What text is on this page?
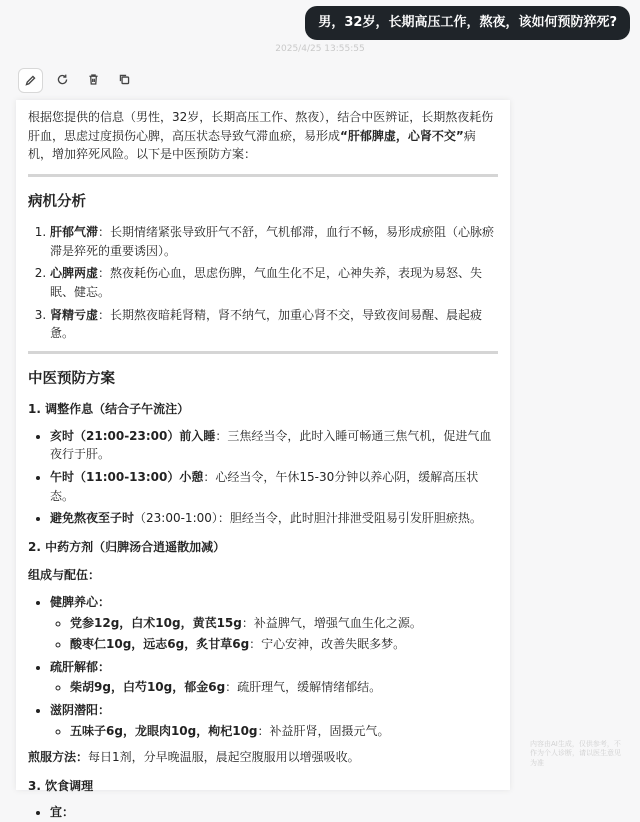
男，32岁，长期高压工作，熬夜，该如何预防猝死?
2025/4/25 13:55:55

根据您提供的信息（男性，32岁，长期高压工作、熬夜），结合中医辨证，长期熬夜耗伤肝血，思虑过度损伤心脾，高压状态导致气滞血瘀，易形成“肝郁脾虚，心肾不交”病机，增加猝死风险。以下是中医预防方案：

病机分析
1. 肝郁气滞：长期情绪紧张导致肝气不舒，气机郁滞，血行不畅，易形成瘀阻（心脉瘀滞是猝死的重要诱因）。
2. 心脾两虚：熬夜耗伤心血，思虑伤脾，气血生化不足，心神失养，表现为易怒、失眠、健忘。
3. 肾精亏虚：长期熬夜暗耗肾精，肾不纳气，加重心肾不交，导致夜间易醒、晨起疲惫。
中医预防方案
1. 调整作息（结合子午流注）
• 亥时（21:00-23:00）前入睡：三焦经当令，此时入睡可畅通三焦气机，促进气血夜行于肝。
• 午时（11:00-13:00）小憩：心经当令，午休15-30分钟以养心阴，缓解高压状态。
• 避免熬夜至子时（23:00-1:00）：胆经当令，此时胆汁排泄受阻易引发肝胆瘀热。
2. 中药方剂（归脾汤合逍遥散加减）
组成与配伍：
• 健脾养心：
◦ 党参12g，白术10g，黄芪15g：补益脾气，增强气血生化之源。
◦ 酸枣仁10g，远志6g，炙甘草6g：宁心安神，改善失眠多梦。
• 疏肝解郁：
◦ 柴胡9g，白芍10g，郁金6g：疏肝理气，缓解情绪郁结。
• 滋阴潜阳：
◦ 五味子6g，龙眼肉10g，枸杞10g：补益肝肾，固摄元气。

煎服方法：每日1剂，分早晚温服，晨起空腹服用以增强吸收。

3. 饮食调理
• 宜：
内容由AI生成，仅供参考，不作为个人诊断，请以医生意见为准
